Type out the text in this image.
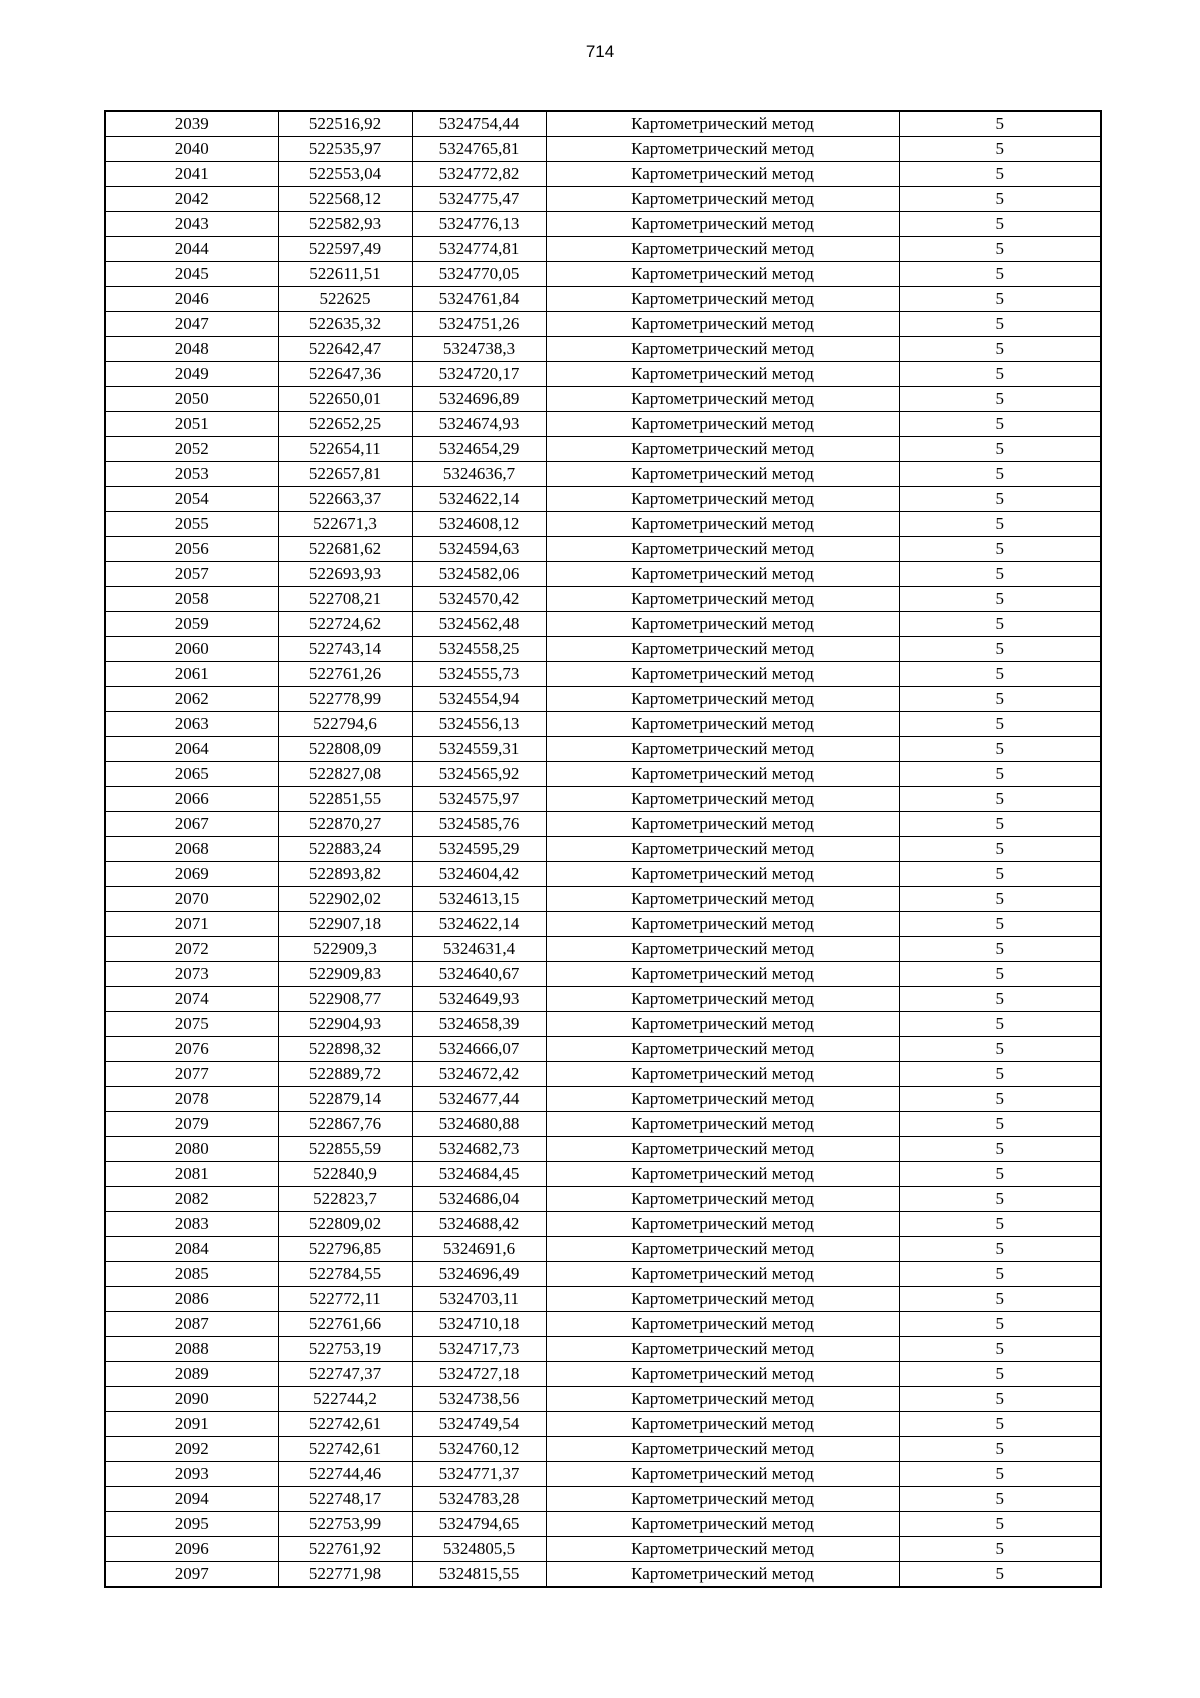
714
2039	522516,92	5324754,44	Картометрический метод	5
2040	522535,97	5324765,81	Картометрический метод	5
2041	522553,04	5324772,82	Картометрический метод	5
2042	522568,12	5324775,47	Картометрический метод	5
2043	522582,93	5324776,13	Картометрический метод	5
2044	522597,49	5324774,81	Картометрический метод	5
2045	522611,51	5324770,05	Картометрический метод	5
2046	522625	5324761,84	Картометрический метод	5
2047	522635,32	5324751,26	Картометрический метод	5
2048	522642,47	5324738,3	Картометрический метод	5
2049	522647,36	5324720,17	Картометрический метод	5
2050	522650,01	5324696,89	Картометрический метод	5
2051	522652,25	5324674,93	Картометрический метод	5
2052	522654,11	5324654,29	Картометрический метод	5
2053	522657,81	5324636,7	Картометрический метод	5
2054	522663,37	5324622,14	Картометрический метод	5
2055	522671,3	5324608,12	Картометрический метод	5
2056	522681,62	5324594,63	Картометрический метод	5
2057	522693,93	5324582,06	Картометрический метод	5
2058	522708,21	5324570,42	Картометрический метод	5
2059	522724,62	5324562,48	Картометрический метод	5
2060	522743,14	5324558,25	Картометрический метод	5
2061	522761,26	5324555,73	Картометрический метод	5
2062	522778,99	5324554,94	Картометрический метод	5
2063	522794,6	5324556,13	Картометрический метод	5
2064	522808,09	5324559,31	Картометрический метод	5
2065	522827,08	5324565,92	Картометрический метод	5
2066	522851,55	5324575,97	Картометрический метод	5
2067	522870,27	5324585,76	Картометрический метод	5
2068	522883,24	5324595,29	Картометрический метод	5
2069	522893,82	5324604,42	Картометрический метод	5
2070	522902,02	5324613,15	Картометрический метод	5
2071	522907,18	5324622,14	Картометрический метод	5
2072	522909,3	5324631,4	Картометрический метод	5
2073	522909,83	5324640,67	Картометрический метод	5
2074	522908,77	5324649,93	Картометрический метод	5
2075	522904,93	5324658,39	Картометрический метод	5
2076	522898,32	5324666,07	Картометрический метод	5
2077	522889,72	5324672,42	Картометрический метод	5
2078	522879,14	5324677,44	Картометрический метод	5
2079	522867,76	5324680,88	Картометрический метод	5
2080	522855,59	5324682,73	Картометрический метод	5
2081	522840,9	5324684,45	Картометрический метод	5
2082	522823,7	5324686,04	Картометрический метод	5
2083	522809,02	5324688,42	Картометрический метод	5
2084	522796,85	5324691,6	Картометрический метод	5
2085	522784,55	5324696,49	Картометрический метод	5
2086	522772,11	5324703,11	Картометрический метод	5
2087	522761,66	5324710,18	Картометрический метод	5
2088	522753,19	5324717,73	Картометрический метод	5
2089	522747,37	5324727,18	Картометрический метод	5
2090	522744,2	5324738,56	Картометрический метод	5
2091	522742,61	5324749,54	Картометрический метод	5
2092	522742,61	5324760,12	Картометрический метод	5
2093	522744,46	5324771,37	Картометрический метод	5
2094	522748,17	5324783,28	Картометрический метод	5
2095	522753,99	5324794,65	Картометрический метод	5
2096	522761,92	5324805,5	Картометрический метод	5
2097	522771,98	5324815,55	Картометрический метод	5
